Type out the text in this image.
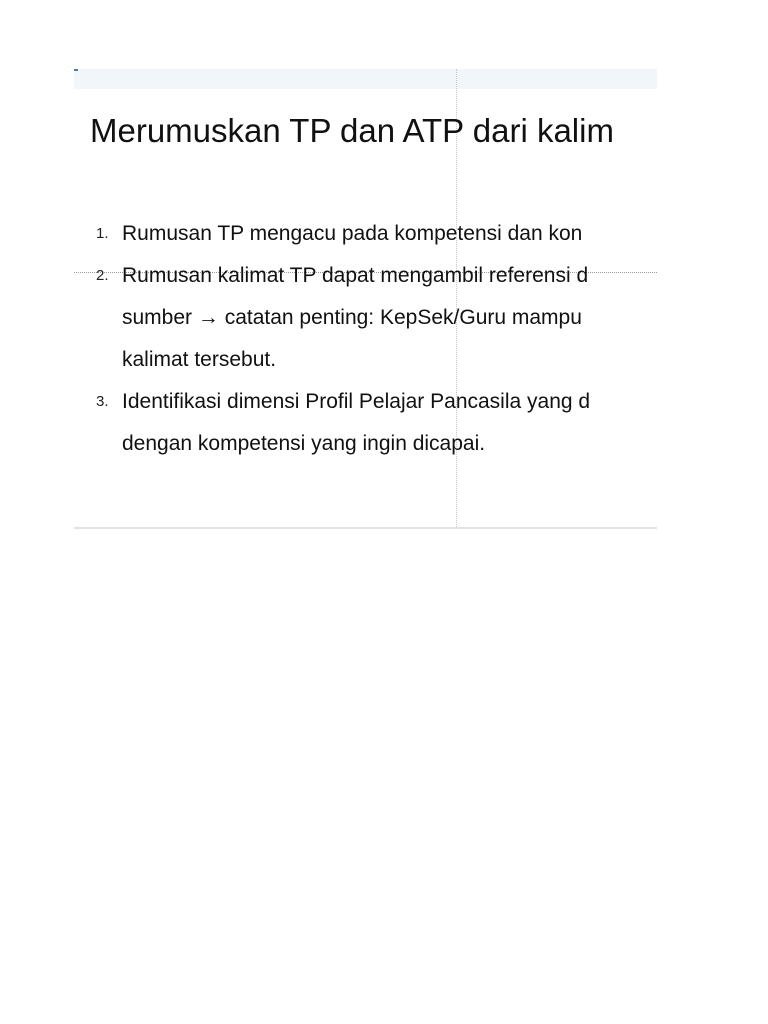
Merumuskan TP dan ATP dari kalim
1. Rumusan TP mengacu pada kompetensi dan kon
2. Rumusan kalimat TP dapat mengambil referensi d
sumber → catatan penting: KepSek/Guru mampu
kalimat tersebut.
3. Identifikasi dimensi Profil Pelajar Pancasila yang d
dengan kompetensi yang ingin dicapai.
